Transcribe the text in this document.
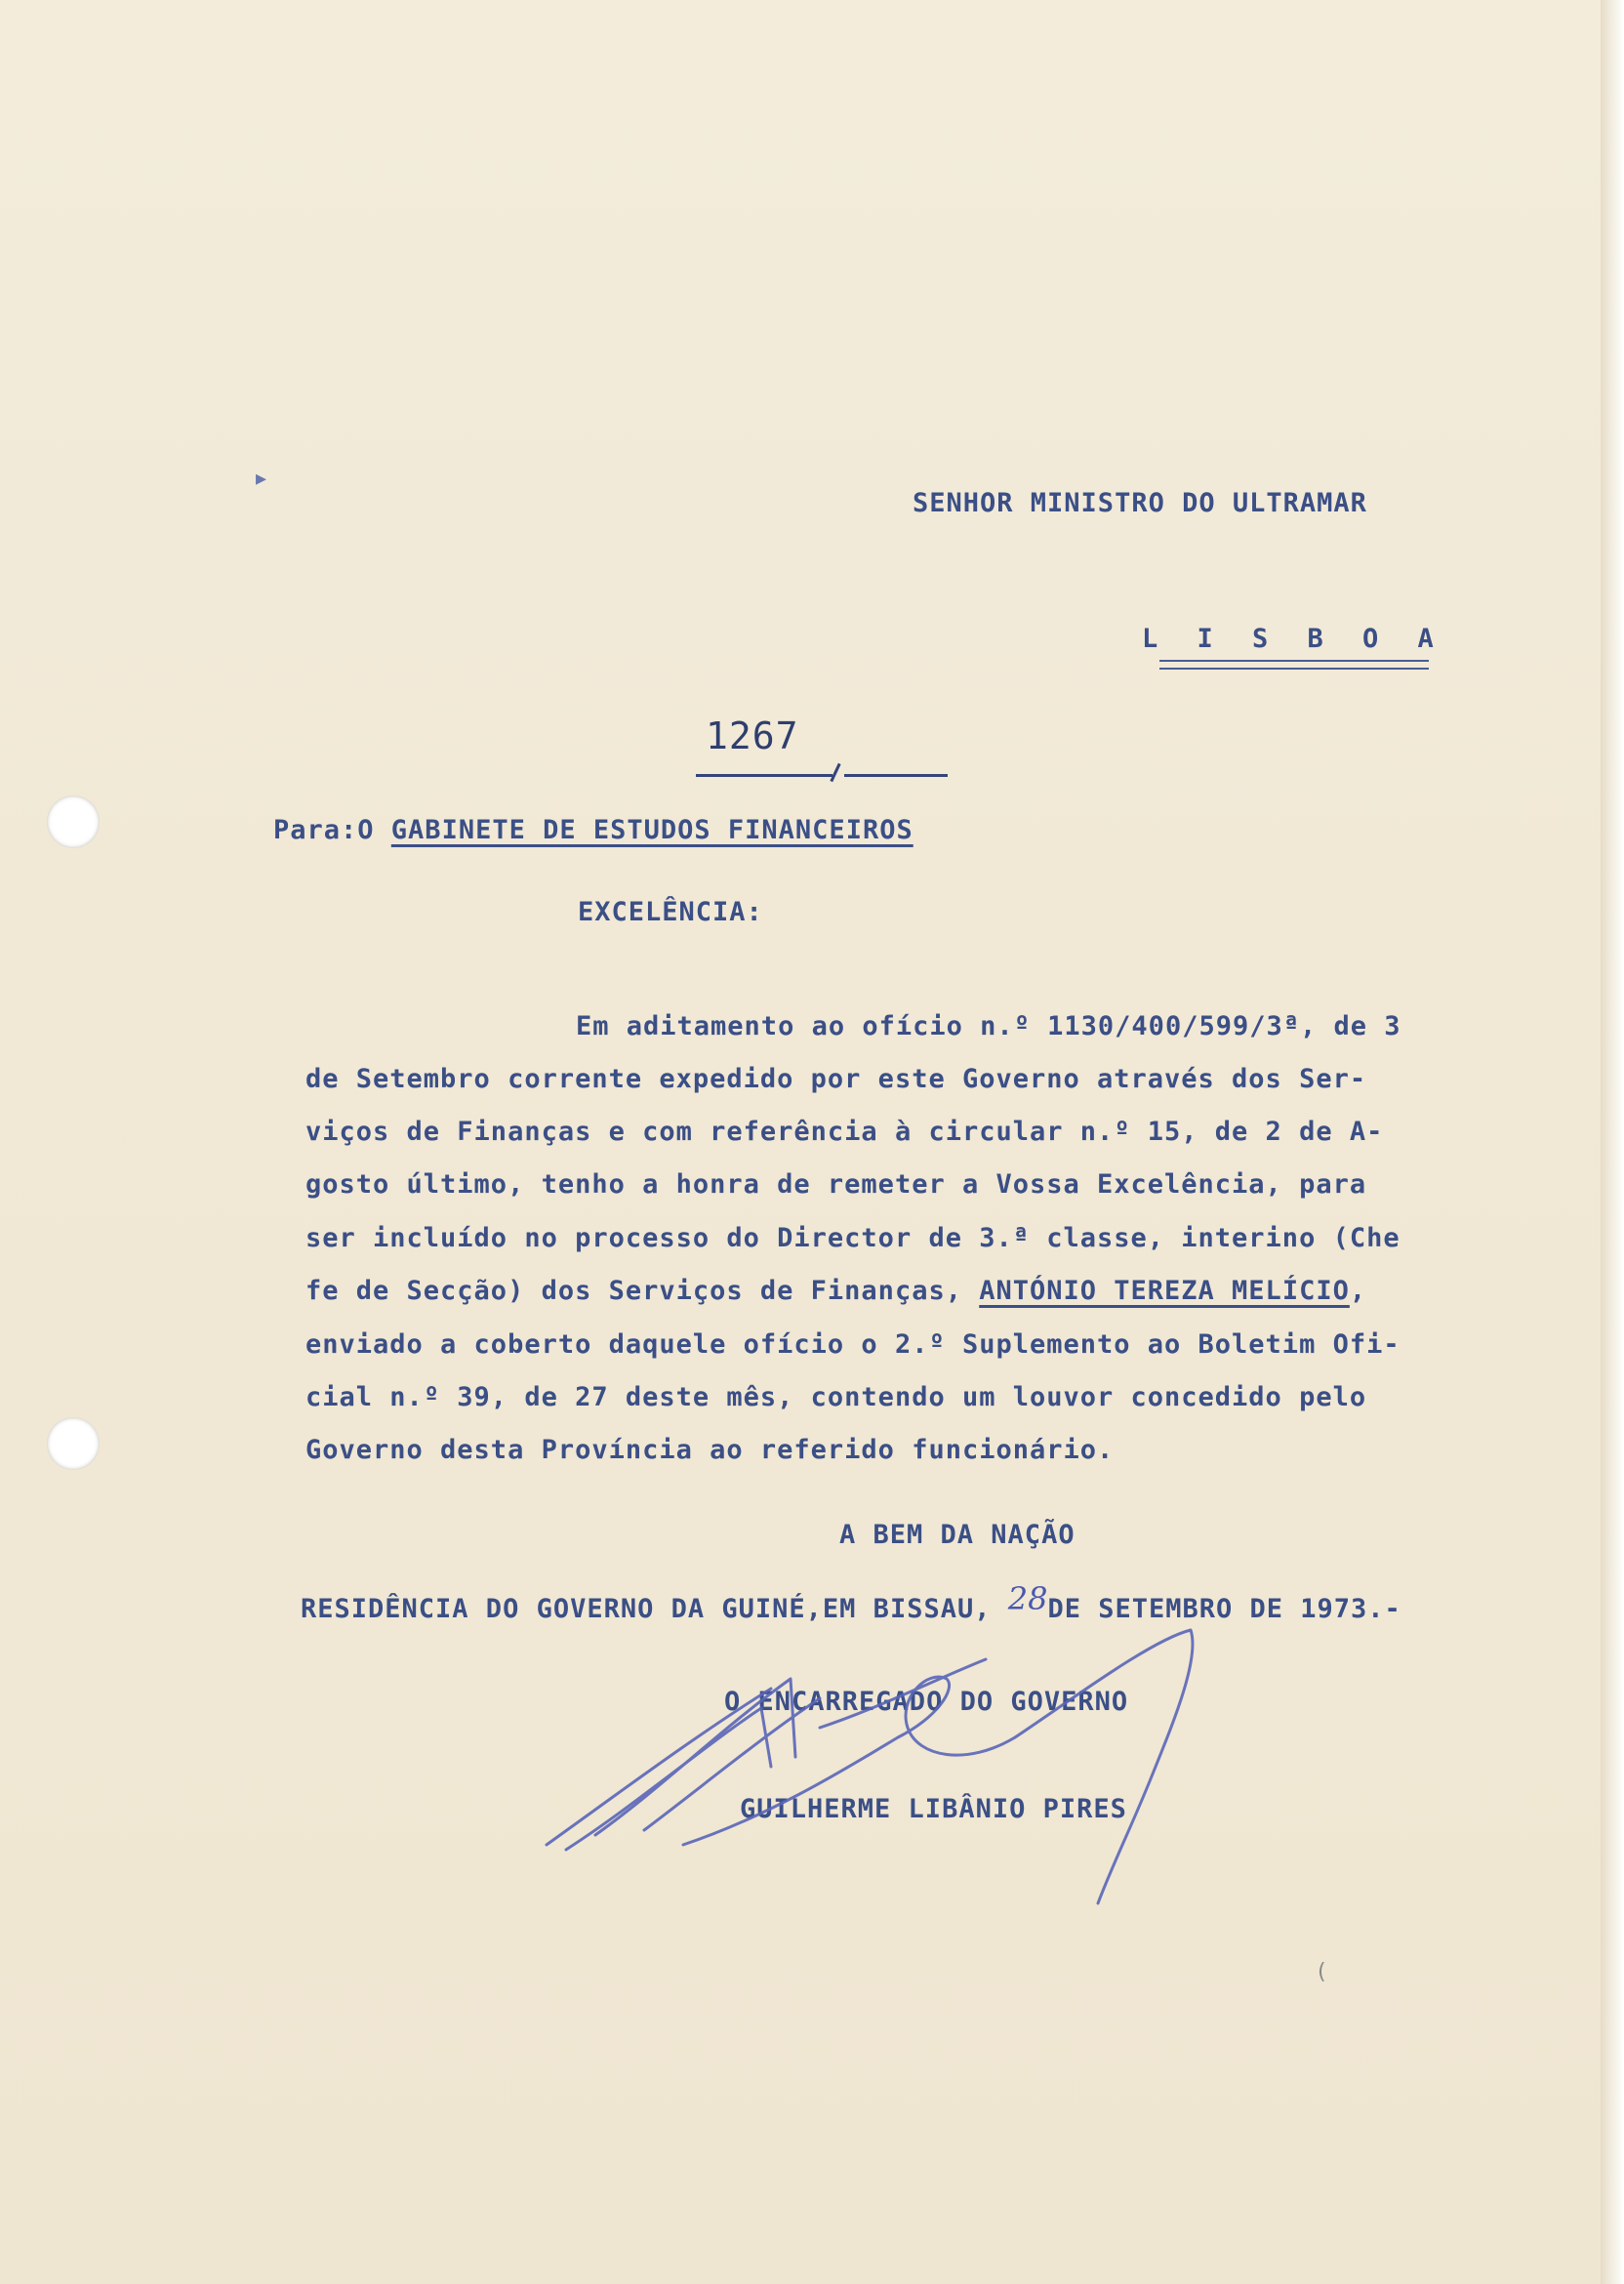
▸

SENHOR MINISTRO DO ULTRAMAR

L I S B O A

1267

Para:O GABINETE DE ESTUDOS FINANCEIROS

EXCELÊNCIA:

Em aditamento ao ofício n.º 1130/400/599/3ª, de 3

de Setembro corrente expedido por este Governo através dos Ser-

viços de Finanças e com referência à circular n.º 15, de 2 de A-

gosto último, tenho a honra de remeter a Vossa Excelência, para

ser incluído no processo do Director de 3.ª classe, interino (Che

fe de Secção) dos Serviços de Finanças, ANTÓNIO TEREZA MELÍCIO,

enviado a coberto daquele ofício o 2.º Suplemento ao Boletim Ofi-

cial n.º 39, de 27 deste mês, contendo um louvor concedido pelo

Governo desta Província ao referido funcionário.

A BEM DA NAÇÃO

RESIDÊNCIA DO GOVERNO DA GUINÉ,EM BISSAU, 28DE SETEMBRO DE 1973.-

O ENCARREGADO DO GOVERNO

GUILHERME LIBÂNIO PIRES

(
